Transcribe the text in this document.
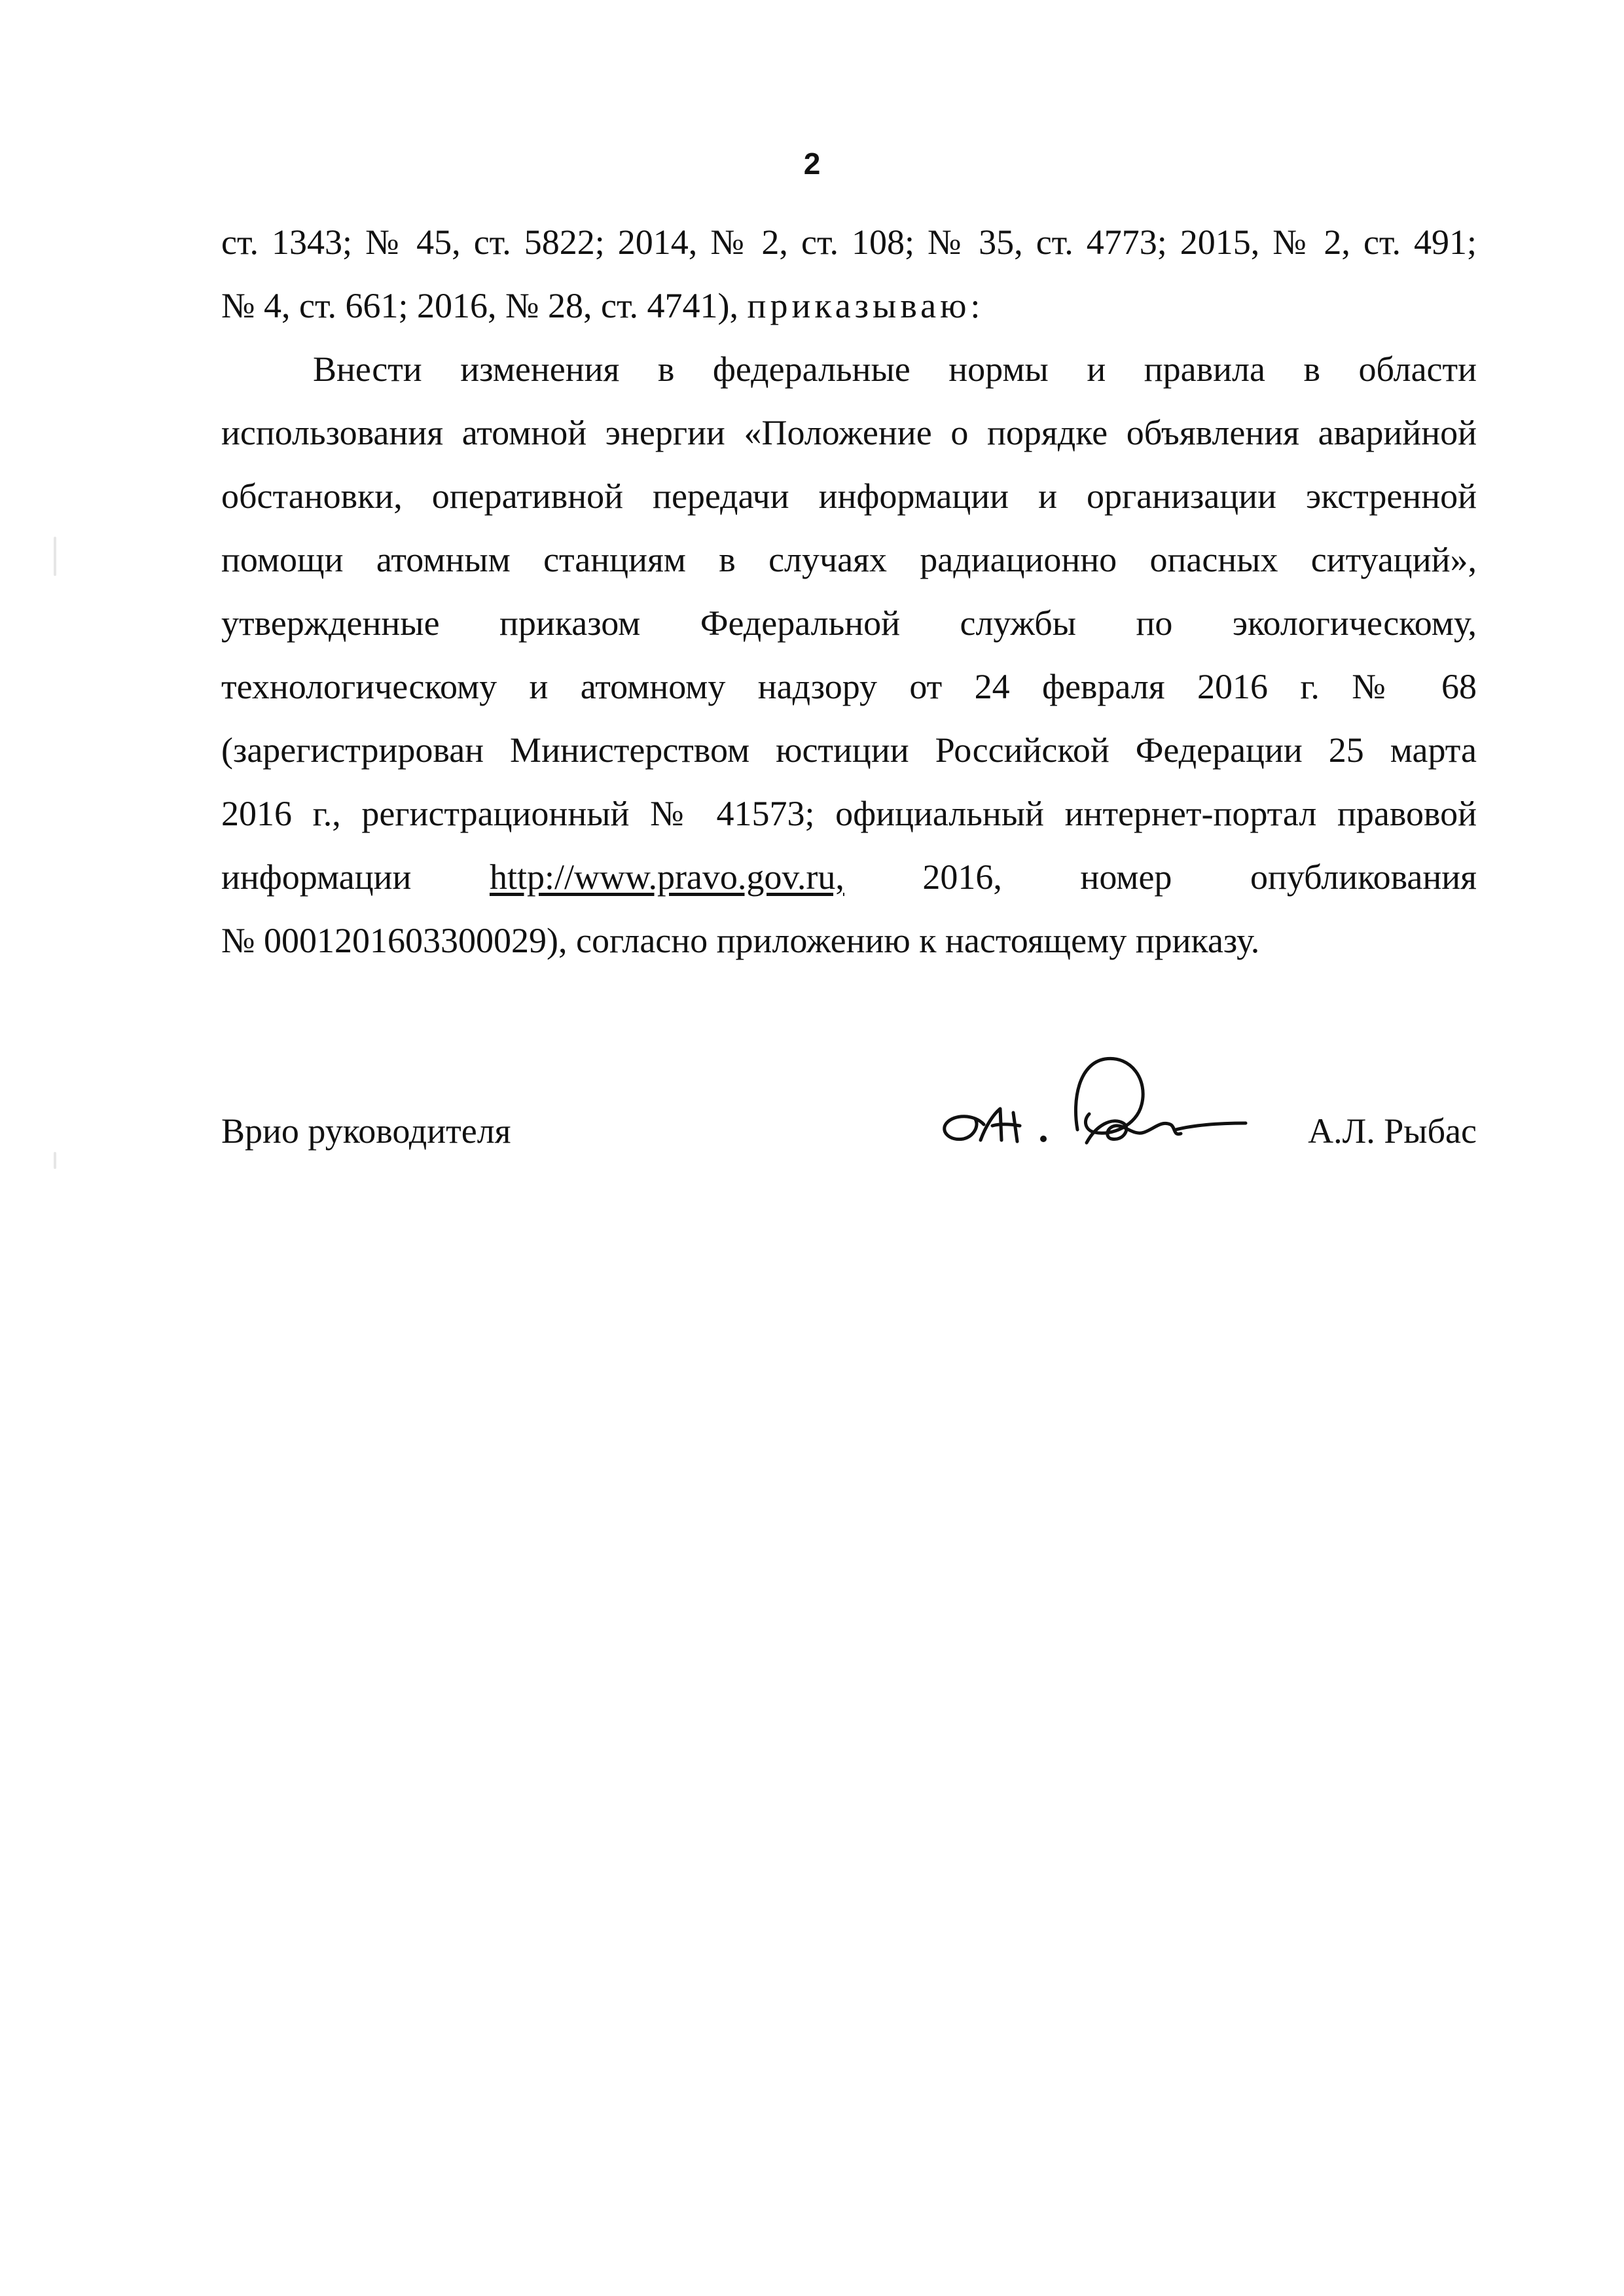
2
ст. 1343; № 45, ст. 5822; 2014, № 2, ст. 108; № 35, ст. 4773; 2015, № 2, ст. 491;
№ 4, ст. 661; 2016, № 28, ст. 4741), приказываю:
Внести изменения в федеральные нормы и правила в области
использования атомной энергии «Положение о порядке объявления аварийной
обстановки, оперативной передачи информации и организации экстренной
помощи атомным станциям в случаях радиационно опасных ситуаций»,
утвержденные приказом Федеральной службы по экологическому,
технологическому и атомному надзору от 24 февраля 2016 г. № 68
(зарегистрирован Министерством юстиции Российской Федерации 25 марта
2016 г., регистрационный № 41573; официальный интернет-портал правовой
информации http://www.pravo.gov.ru, 2016, номер опубликования
№ 0001201603300029), согласно приложению к настоящему приказу.
Врио руководителя	А.Л. Рыбас
